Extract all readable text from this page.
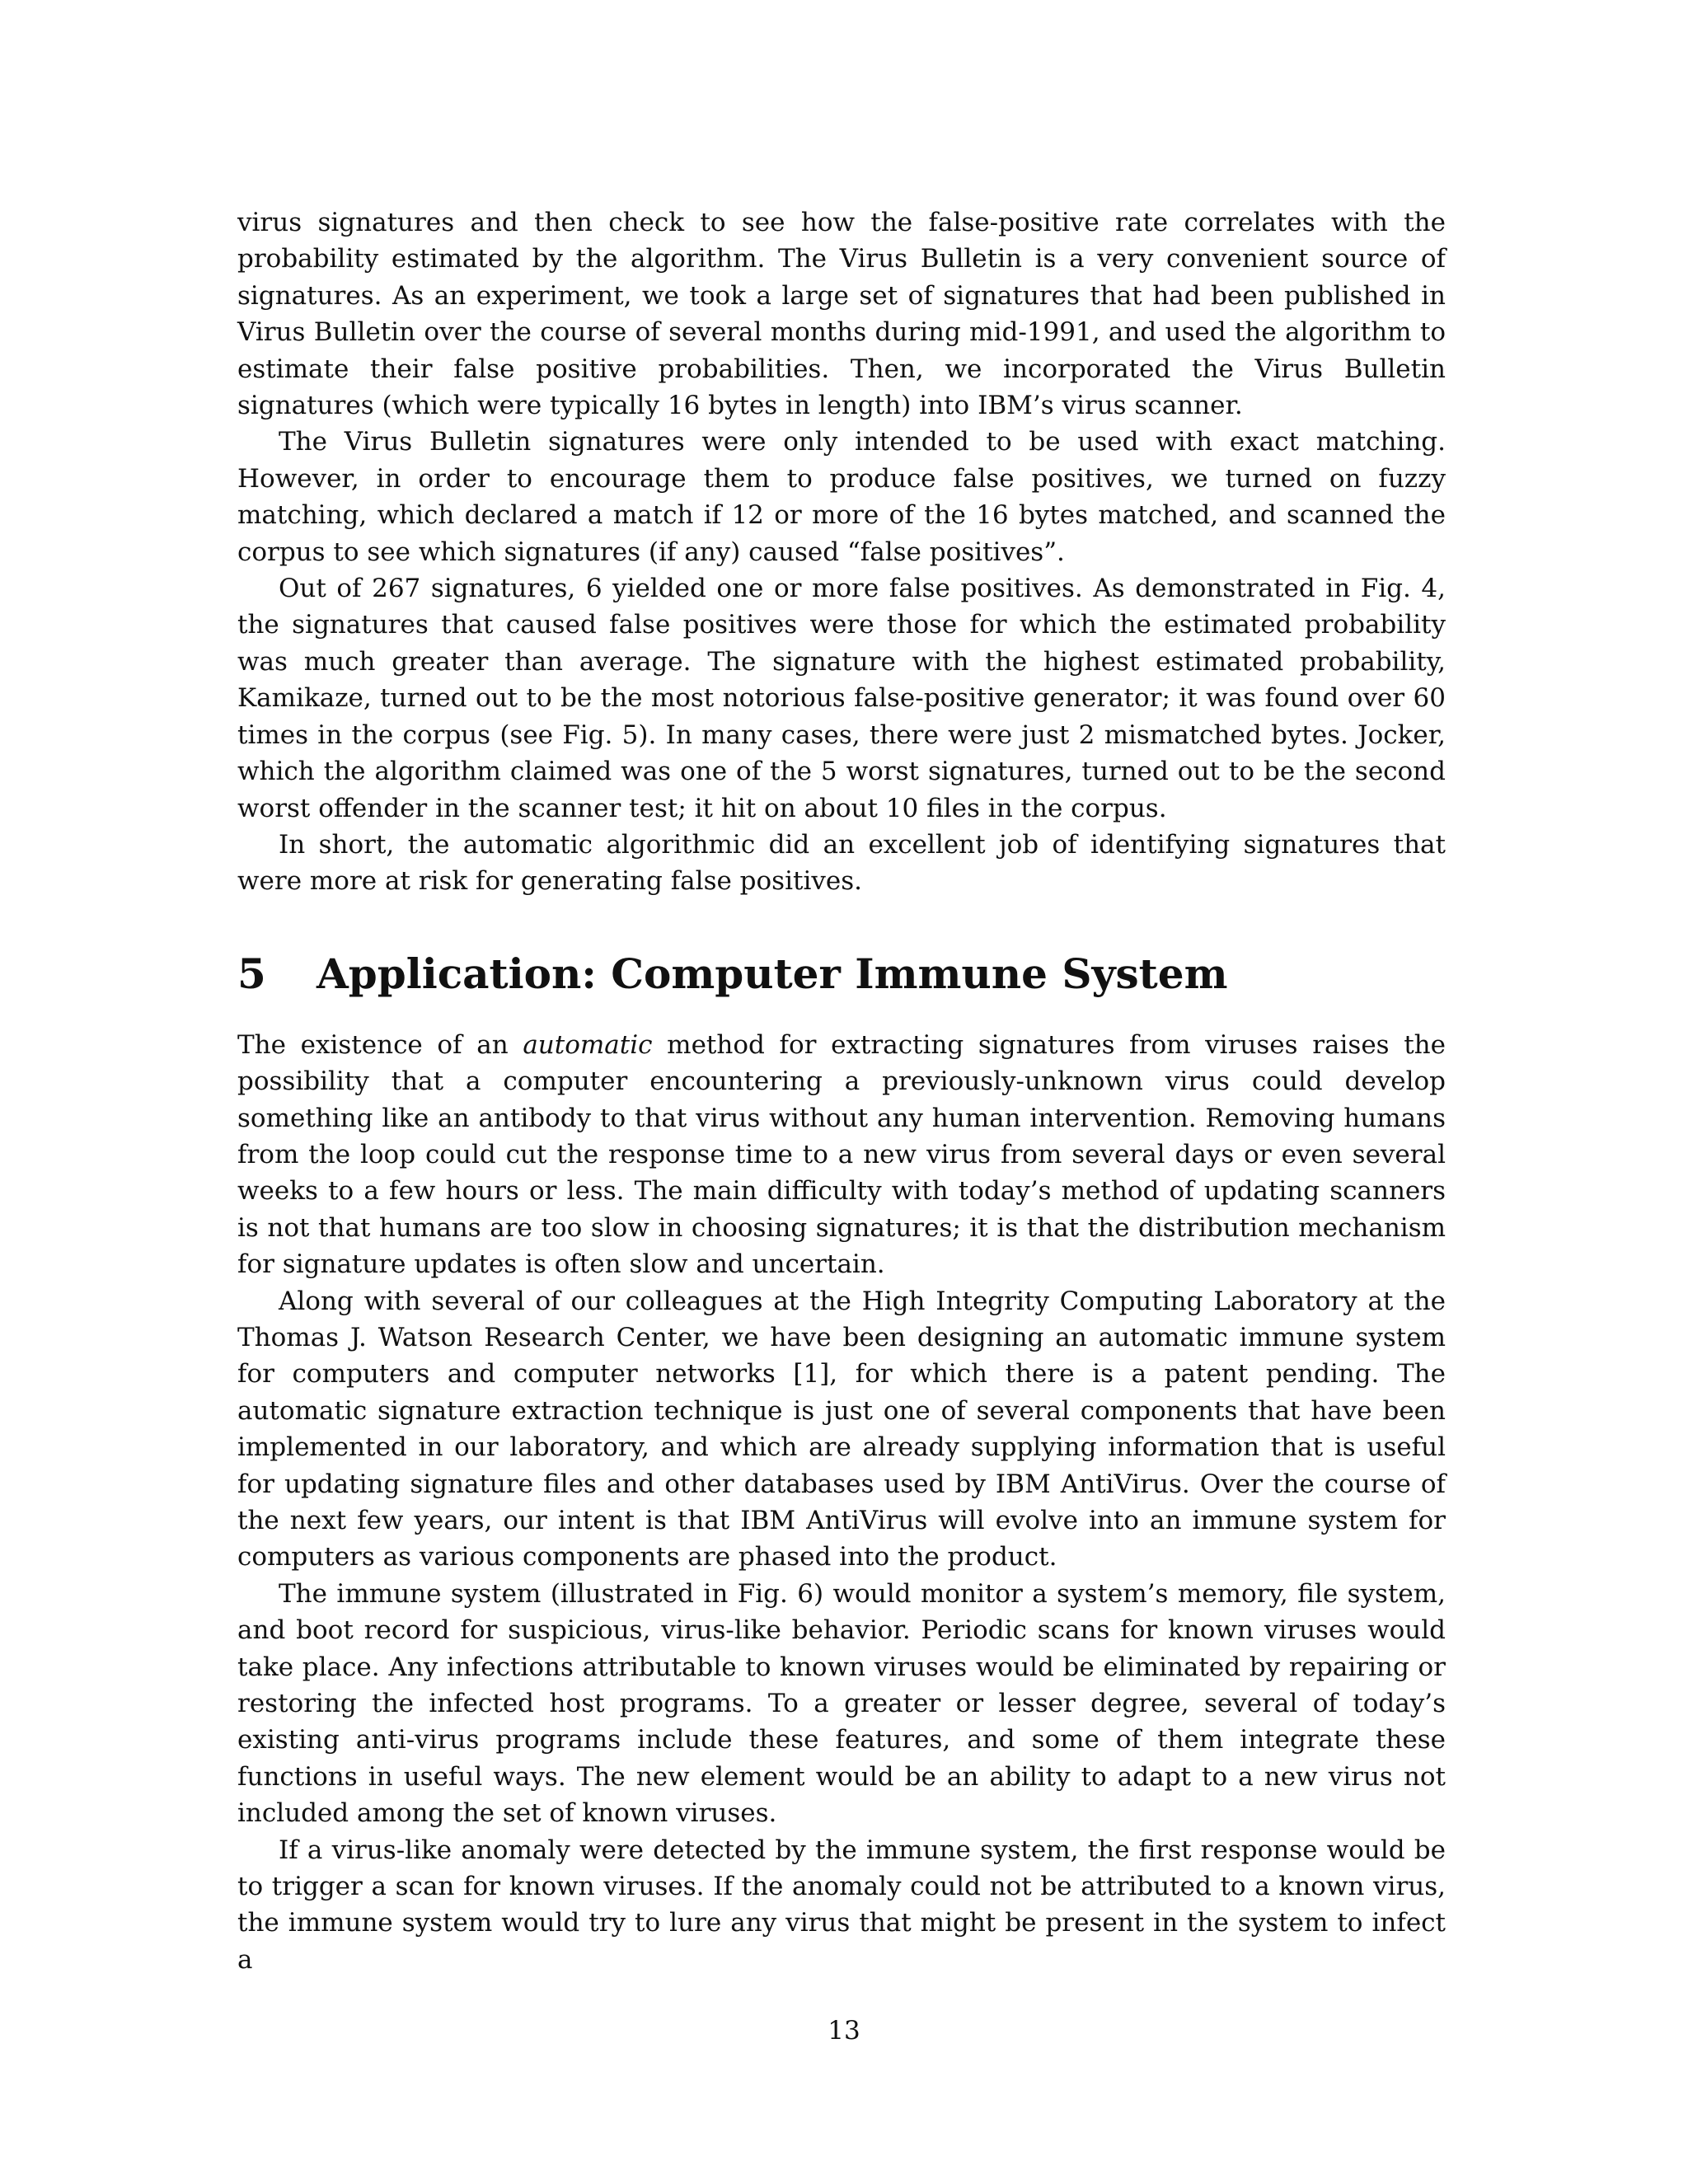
virus signatures and then check to see how the false-positive rate correlates with the probability estimated by the algorithm. The Virus Bulletin is a very convenient source of signatures. As an experiment, we took a large set of signatures that had been published in Virus Bulletin over the course of several months during mid-1991, and used the algorithm to estimate their false positive probabilities. Then, we incorporated the Virus Bulletin signatures (which were typically 16 bytes in length) into IBM’s virus scanner.

The Virus Bulletin signatures were only intended to be used with exact matching. However, in order to encourage them to produce false positives, we turned on fuzzy matching, which declared a match if 12 or more of the 16 bytes matched, and scanned the corpus to see which signatures (if any) caused “false positives”.

Out of 267 signatures, 6 yielded one or more false positives. As demonstrated in Fig. 4, the signatures that caused false positives were those for which the estimated probability was much greater than average. The signature with the highest estimated probability, Kamikaze, turned out to be the most notorious false-positive generator; it was found over 60 times in the corpus (see Fig. 5). In many cases, there were just 2 mismatched bytes. Jocker, which the algorithm claimed was one of the 5 worst signatures, turned out to be the second worst offender in the scanner test; it hit on about 10 files in the corpus.

In short, the automatic algorithmic did an excellent job of identifying signatures that were more at risk for generating false positives.

5 Application: Computer Immune System

The existence of an automatic method for extracting signatures from viruses raises the possibility that a computer encountering a previously-unknown virus could develop something like an antibody to that virus without any human intervention. Removing humans from the loop could cut the response time to a new virus from several days or even several weeks to a few hours or less. The main difficulty with today’s method of updating scanners is not that humans are too slow in choosing signatures; it is that the distribution mechanism for signature updates is often slow and uncertain.

Along with several of our colleagues at the High Integrity Computing Laboratory at the Thomas J. Watson Research Center, we have been designing an automatic immune system for computers and computer networks [1], for which there is a patent pending. The automatic signature extraction technique is just one of several components that have been implemented in our laboratory, and which are already supplying information that is useful for updating signature files and other databases used by IBM AntiVirus. Over the course of the next few years, our intent is that IBM AntiVirus will evolve into an immune system for computers as various components are phased into the product.

The immune system (illustrated in Fig. 6) would monitor a system’s memory, file system, and boot record for suspicious, virus-like behavior. Periodic scans for known viruses would take place. Any infections attributable to known viruses would be eliminated by repairing or restoring the infected host programs. To a greater or lesser degree, several of today’s existing anti-virus programs include these features, and some of them integrate these functions in useful ways. The new element would be an ability to adapt to a new virus not included among the set of known viruses.

If a virus-like anomaly were detected by the immune system, the first response would be to trigger a scan for known viruses. If the anomaly could not be attributed to a known virus, the immune system would try to lure any virus that might be present in the system to infect a

13
